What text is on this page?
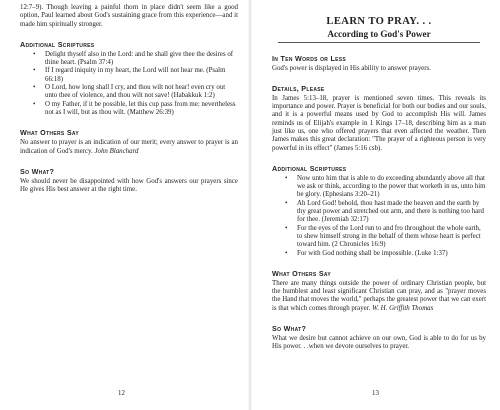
12:7–9). Though leaving a painful thorn in place didn't seem like a good option, Paul learned about God's sustaining grace from this experience—and it made him spiritually stronger.

Additional Scriptures
• Delight thyself also in the Lord: and he shall give thee the desires of thine heart. (Psalm 37:4)
• If I regard iniquity in my heart, the Lord will not hear me. (Psalm 66:18)
• O Lord, how long shall I cry, and thou wilt not hear! even cry out unto thee of violence, and thou wilt not save! (Habakkuk 1:2)
• O my Father, if it be possible, let this cup pass from me: nevertheless not as I will, but as thou wilt. (Matthew 26:39)
What Others Say

No answer to prayer is an indication of our merit; every answer to prayer is an indication of God's mercy. John Blanchard

So What?

We should never be disappointed with how God's answers our prayers since He gives His best answer at the right time.

12
LEARN TO PRAY. . .
According to God's Power
In Ten Words or Less

God's power is displayed in His ability to answer prayers.

Details, Please

In James 5:13–18, prayer is mentioned seven times. This reveals its importance and power. Prayer is beneficial for both our bodies and our souls, and it is a powerful means used by God to accomplish His will. James reminds us of Elijah's example in 1 Kings 17–18, describing him as a man just like us, one who offered prayers that even affected the weather. Then James makes this great declaration: "The prayer of a righteous person is very powerful in its effect" (James 5:16 csb).

Additional Scriptures
• Now unto him that is able to do exceeding abundantly above all that we ask or think, according to the power that worketh in us, unto him be glory. (Ephesians 3:20–21)
• Ah Lord God! behold, thou hast made the heaven and the earth by thy great power and stretched out arm, and there is nothing too hard for thee. (Jeremiah 32:17)
• For the eyes of the Lord run to and fro throughout the whole earth, to shew himself strong in the behalf of them whose heart is perfect toward him. (2 Chronicles 16:9)
• For with God nothing shall be impossible. (Luke 1:37)
What Others Say

There are many things outside the power of ordinary Christian people, but the humblest and least significant Christian can pray, and as "prayer moves the Hand that moves the world," perhaps the greatest power that we can exert is that which comes through prayer. W. H. Griffith Thomas

So What?

What we desire but cannot achieve on our own, God is able to do for us by His power. . .when we devote ourselves to prayer.

13
